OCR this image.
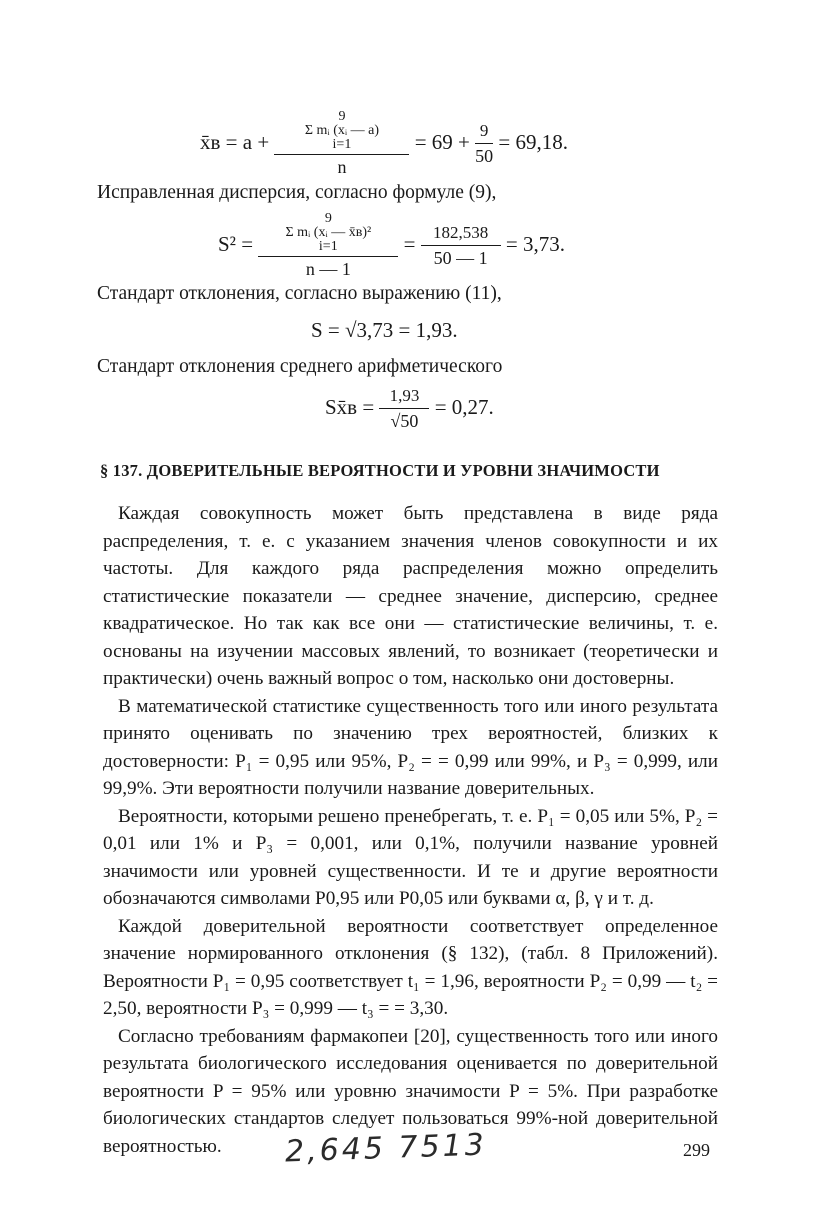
x̄в = a +
9
Σ mᵢ (xᵢ — a)
i=1
n
= $69 + \frac{9}{50} = 69,18$.
Исправленная дисперсия, согласно формуле (9),
S² =
9
Σ mᵢ (xᵢ — x̄в)²
i=1
n — 1
= $\frac{182,538}{50 — 1} = 3,73$.
Стандарт отклонения, согласно выражению (11),
S = √3,73 = 1,93.
Стандарт отклонения среднего арифметического
Sx̄в = $\frac{1,93}{√50} = 0,27$.
§ 137. ДОВЕРИТЕЛЬНЫЕ ВЕРОЯТНОСТИ И УРОВНИ ЗНАЧИМОСТИ

Каждая совокупность может быть представлена в виде ряда распределения, т. е. с указанием значения членов совокупности и их частоты. Для каждого ряда распределения можно определить статистические показатели — среднее значение, дисперсию, среднее квадратическое. Но так как все они — статистические величины, т. е. основаны на изучении массовых явлений, то возникает (теоретически и практически) очень важный вопрос о том, насколько они достоверны.

В математической статистике существенность того или иного результата принято оценивать по значению трех вероятностей, близких к достоверности: P₁ = 0,95 или 95%, P₂ = = 0,99 или 99%, и P₃ = 0,999, или 99,9%. Эти вероятности получили название доверительных.

Вероятности, которыми решено пренебрегать, т. е. P₁ = 0,05 или 5%, P₂ = 0,01 или 1% и P₃ = 0,001, или 0,1%, получили название уровней значимости или уровней существенности. И те и другие вероятности обозначаются символами P0,95 или P0,05 или буквами α, β, γ и т. д.

Каждой доверительной вероятности соответствует определенное значение нормированного отклонения (§ 132), (табл. 8 Приложений). Вероятности P₁ = 0,95 соответствует t₁ = 1,96, вероятности P₂ = 0,99 — t₂ = 2,50, вероятности P₃ = 0,999 — t₃ = = 3,30.

Согласно требованиям фармакопеи [20], существенность того или иного результата биологического исследования оценивается по доверительной вероятности P = 95% или уровню значимости P = 5%. При разработке биологических стандартов следует пользоваться 99%-ной доверительной вероятностью.	2,645 7513	299
